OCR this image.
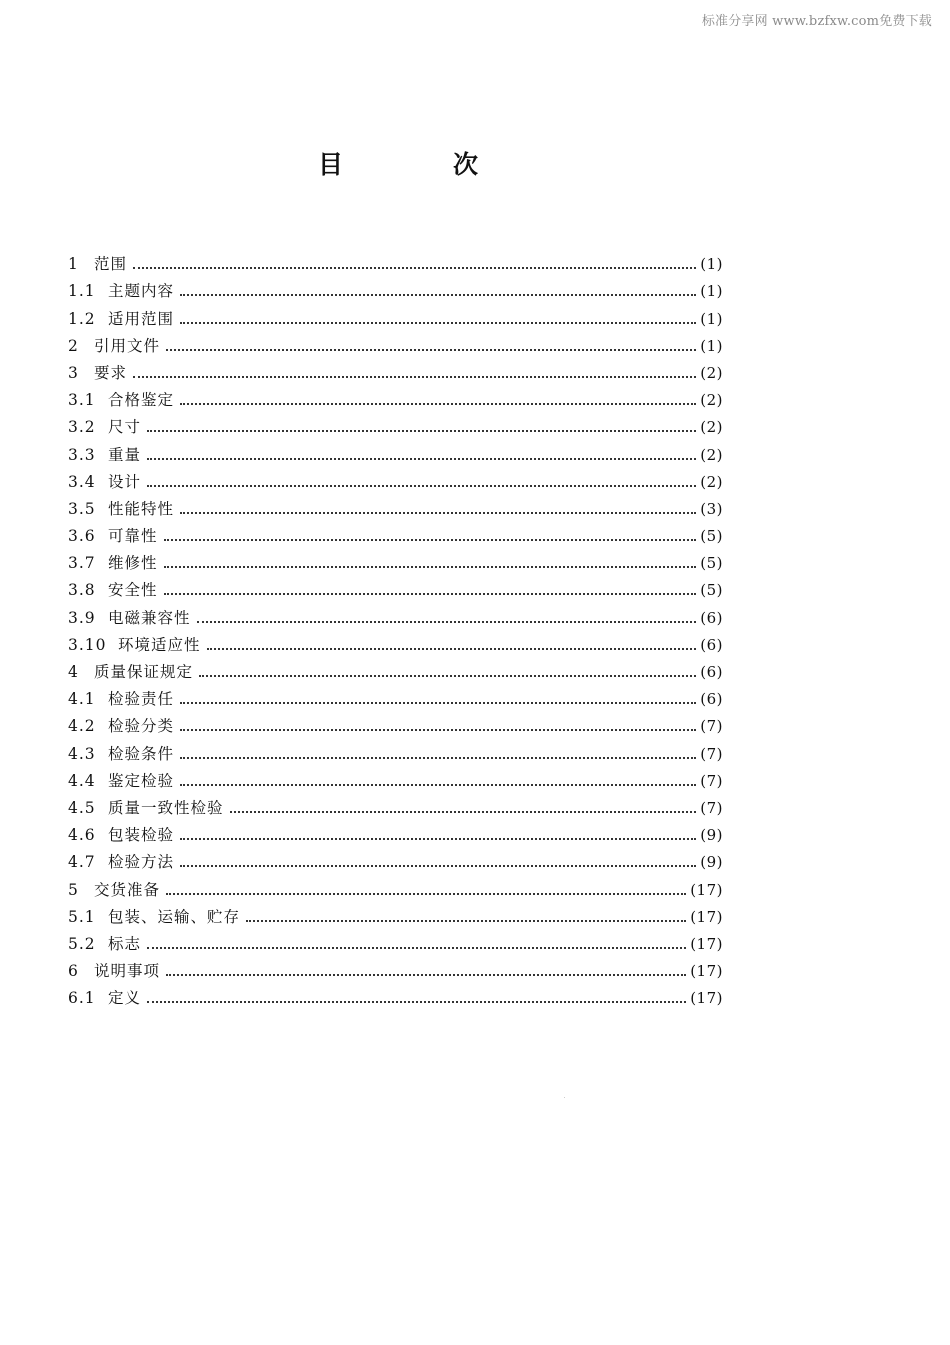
标准分享网 www.bzfxw.com免费下载
目	次
1 范围	(1)
1.1 主题内容	(1)
1.2 适用范围	(1)
2 引用文件	(1)
3 要求	(2)
3.1 合格鉴定	(2)
3.2 尺寸	(2)
3.3 重量	(2)
3.4 设计	(2)
3.5 性能特性	(3)
3.6 可靠性	(5)
3.7 维修性	(5)
3.8 安全性	(5)
3.9 电磁兼容性	(6)
3.10 环境适应性	(6)
4 质量保证规定	(6)
4.1 检验责任	(6)
4.2 检验分类	(7)
4.3 检验条件	(7)
4.4 鉴定检验	(7)
4.5 质量一致性检验	(7)
4.6 包装检验	(9)
4.7 检验方法	(9)
5 交货准备	(17)
5.1 包装、运输、贮存	(17)
5.2 标志	(17)
6 说明事项	(17)
6.1 定义	(17)
